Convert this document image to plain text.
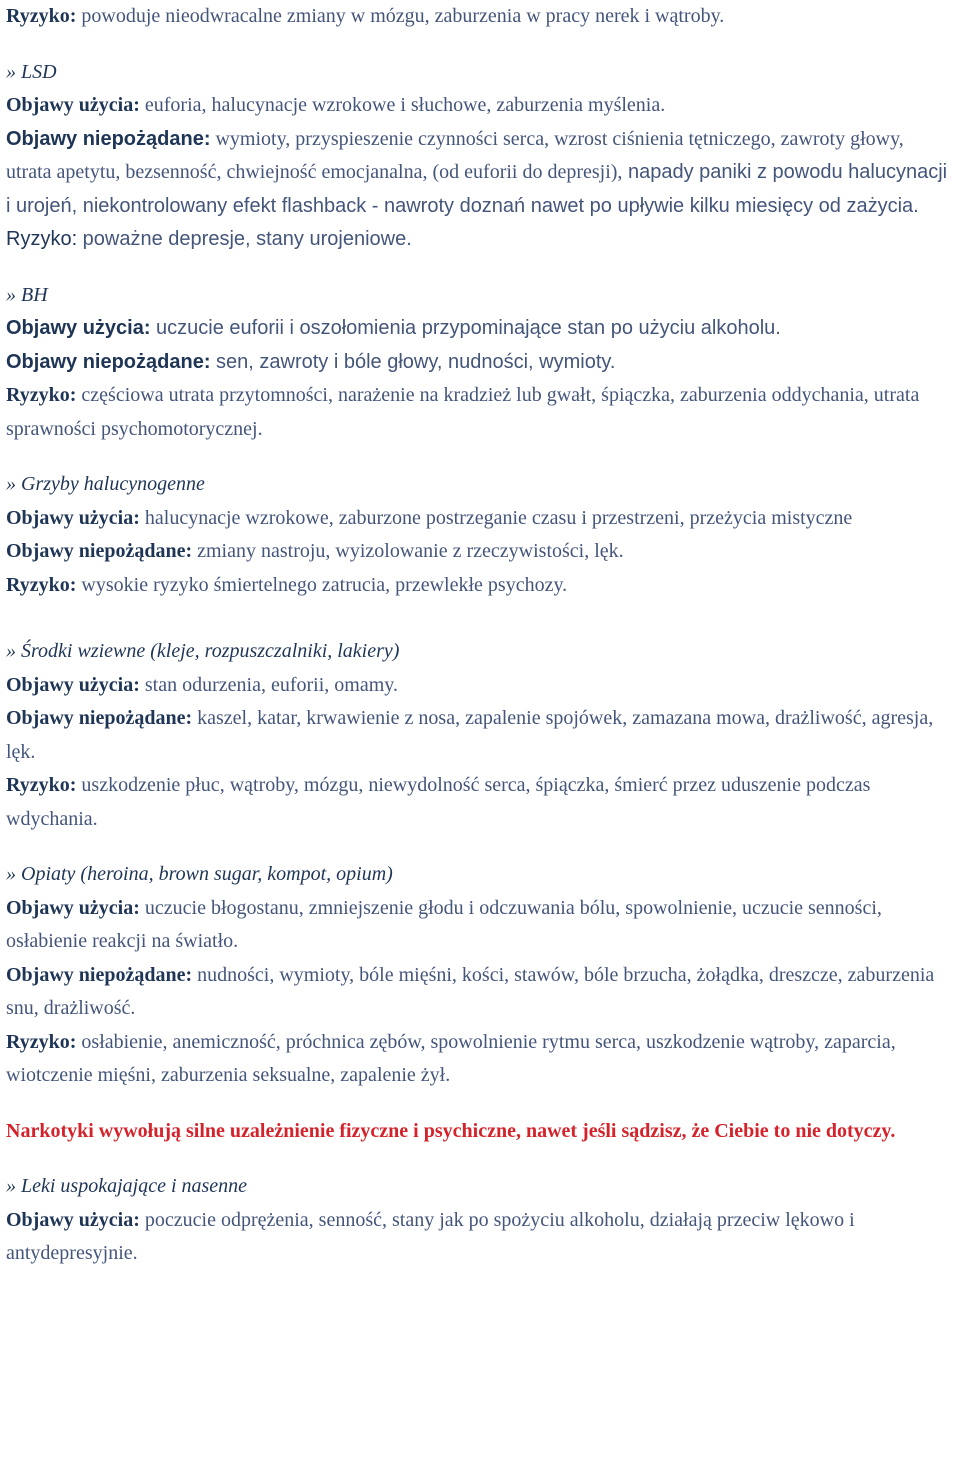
Ryzyko: powoduje nieodwracalne zmiany w mózgu, zaburzenia w pracy nerek i wątroby.

» LSD

Objawy użycia: euforia, halucynacje wzrokowe i słuchowe, zaburzenia myślenia.

Objawy niepożądane: wymioty, przyspieszenie czynności serca, wzrost ciśnienia tętniczego, zawroty głowy, utrata apetytu, bezsenność, chwiejność emocjanalna, (od euforii do depresji), napady paniki z powodu halucynacji i urojeń, niekontrolowany efekt flashback - nawroty doznań nawet po upływie kilku miesięcy od zażycia.

Ryzyko: poważne depresje, stany urojeniowe.

» BH

Objawy użycia: uczucie euforii i oszołomienia przypominające stan po użyciu alkoholu.

Objawy niepożądane: sen, zawroty i bóle głowy, nudności, wymioty.

Ryzyko: częściowa utrata przytomności, narażenie na kradzież lub gwałt, śpiączka, zaburzenia oddychania, utrata sprawności psychomotorycznej.

» Grzyby halucynogenne

Objawy użycia: halucynacje wzrokowe, zaburzone postrzeganie czasu i przestrzeni, przeżycia mistyczne

Objawy niepożądane: zmiany nastroju, wyizolowanie z rzeczywistości, lęk.

Ryzyko: wysokie ryzyko śmiertelnego zatrucia, przewlekłe psychozy.

» Środki wziewne (kleje, rozpuszczalniki, lakiery)

Objawy użycia: stan odurzenia, euforii, omamy.

Objawy niepożądane: kaszel, katar, krwawienie z nosa, zapalenie spojówek, zamazana mowa, drażliwość, agresja, lęk.

Ryzyko: uszkodzenie płuc, wątroby, mózgu, niewydolność serca, śpiączka, śmierć przez uduszenie podczas wdychania.

» Opiaty (heroina, brown sugar, kompot, opium)

Objawy użycia: uczucie błogostanu, zmniejszenie głodu i odczuwania bólu, spowolnienie, uczucie senności, osłabienie reakcji na światło.

Objawy niepożądane: nudności, wymioty, bóle mięśni, kości, stawów, bóle brzucha, żołądka, dreszcze, zaburzenia snu, drażliwość.

Ryzyko: osłabienie, anemiczność, próchnica zębów, spowolnienie rytmu serca, uszkodzenie wątroby, zaparcia, wiotczenie mięśni, zaburzenia seksualne, zapalenie żył.

Narkotyki wywołują silne uzależnienie fizyczne i psychiczne, nawet jeśli sądzisz, że Ciebie to nie dotyczy.

» Leki uspokajające i nasenne

Objawy użycia: poczucie odprężenia, senność, stany jak po spożyciu alkoholu, działają przeciw lękowo i antydepresyjnie.
